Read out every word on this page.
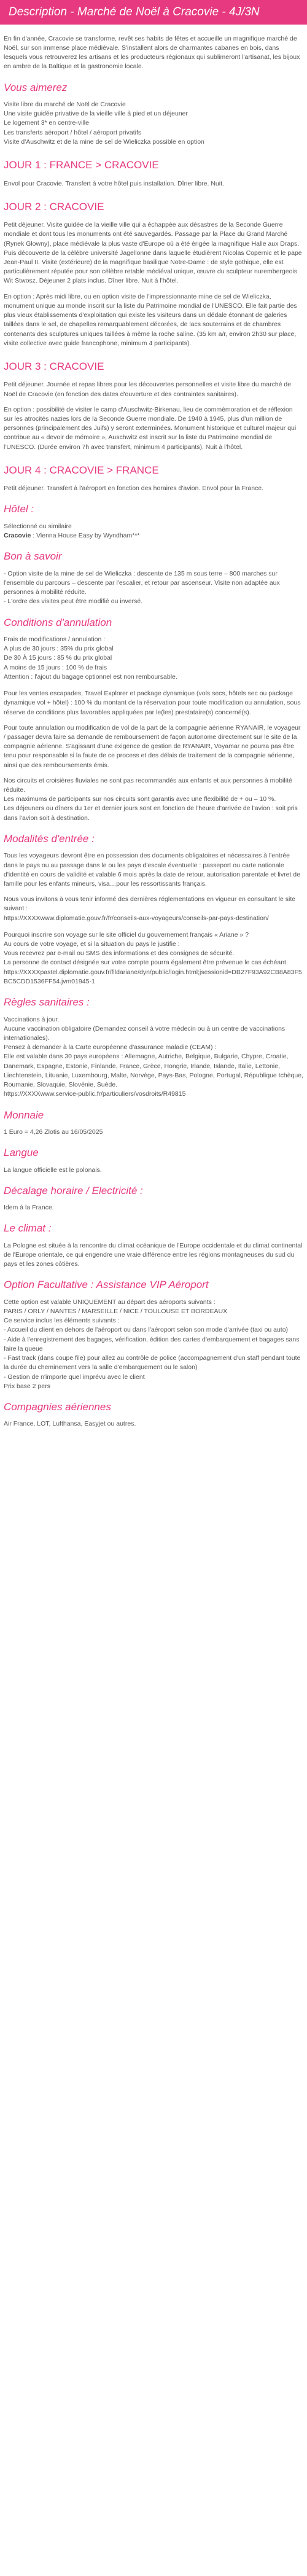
Description - Marché de Noël à Cracovie - 4J/3N

En fin d'année, Cracovie se transforme, revêt ses habits de fêtes et accueille un magnifique marché de Noël, sur son immense place médiévale. S'installent alors de charmantes cabanes en bois, dans lesquels vous retrouverez les artisans et les producteurs régionaux qui sublimeront l'artisanat, les bijoux en ambre de la Baltique et la gastronomie locale.

Vous aimerez
Visite libre du marché de Noël de Cracovie
Une visite guidée privative de la vieille ville à pied et un déjeuner
Le logement 3* en centre-ville
Les transferts aéroport / hôtel / aéroport privatifs
Visite d'Auschwitz et de la mine de sel de Wieliczka possible en option
JOUR 1 : FRANCE > CRACOVIE

Envol pour Cracovie. Transfert à votre hôtel puis installation. Dîner libre. Nuit.

JOUR 2 : CRACOVIE

Petit déjeuner. Visite guidée de la vieille ville qui a échappée aux désastres de la Seconde Guerre mondiale et dont tous les monuments ont été sauvegardés. Passage par la Place du Grand Marché (Rynek Glowny), place médiévale la plus vaste d'Europe où a été érigée la magnifique Halle aux Draps. Puis découverte de la célèbre université Jagellonne dans laquelle étudièrent Nicolas Copernic et le pape Jean-Paul II. Visite (extérieure) de la magnifique basilique Notre-Dame : de style gothique, elle est particulièrement réputée pour son célèbre retable médiéval unique, œuvre du sculpteur nurembergeois Wit Stwosz. Déjeuner 2 plats inclus. Dîner libre. Nuit à l'hôtel.

En option : Après midi libre, ou en option visite de l'impressionnante mine de sel de Wieliczka, monument unique au monde inscrit sur la liste du Patrimoine mondial de l'UNESCO. Elle fait partie des plus vieux établissements d'exploitation qui existe les visiteurs dans un dédale étonnant de galeries taillées dans le sel, de chapelles remarquablement décorées, de lacs souterrains et de chambres contenants des sculptures uniques taillées à même la roche saline. (35 km a/r, environ 2h30 sur place, visite collective avec guide francophone, minimum 4 participants).

JOUR 3 : CRACOVIE

Petit déjeuner. Journée et repas libres pour les découvertes personnelles et visite libre du marché de Noël de Cracovie (en fonction des dates d'ouverture et des contraintes sanitaires).

En option : possibilité de visiter le camp d'Auschwitz-Birkenau, lieu de commémoration et de réflexion sur les atrocités nazies lors de la Seconde Guerre mondiale. De 1940 à 1945, plus d'un million de personnes (principalement des Juifs) y seront exterminées. Monument historique et culturel majeur qui contribue au « devoir de mémoire », Auschwitz est inscrit sur la liste du Patrimoine mondial de l'UNESCO. (Durée environ 7h avec transfert, minimum 4 participants). Nuit à l'hôtel.

JOUR 4 : CRACOVIE > FRANCE

Petit déjeuner. Transfert à l'aéroport en fonction des horaires d'avion. Envol pour la France.

Hôtel :
Sélectionné ou similaire
Cracovie : Vienna House Easy by Wyndham***
Bon à savoir
- Option visite de la mine de sel de Wieliczka : descente de 135 m sous terre – 800 marches sur l'ensemble du parcours – descente par l'escalier, et retour par ascenseur. Visite non adaptée aux personnes à mobilité réduite.
- L'ordre des visites peut être modifié ou inversé.
Conditions d'annulation
Frais de modifications / annulation :
A plus de 30 jours : 35% du prix global
De 30 À 15 jours : 85 % du prix global
A moins de 15 jours : 100 % de frais
Attention : l'ajout du bagage optionnel est non remboursable.

Pour les ventes escapades, Travel Explorer et package dynamique (vols secs, hôtels sec ou package dynamique vol + hôtel) : 100 % du montant de la réservation pour toute modification ou annulation, sous réserve de conditions plus favorables appliquées par le(les) prestataire(s) concerné(s).

Pour toute annulation ou modification de vol de la part de la compagnie aérienne RYANAIR, le voyageur / passager devra faire sa demande de remboursement de façon autonome directement sur le site de la compagnie aérienne. S'agissant d'une exigence de gestion de RYANAIR, Voyamar ne pourra pas être tenu pour responsable si la faute de ce process et des délais de traitement de la compagnie aérienne, ainsi que des remboursements émis.

Nos circuits et croisières fluviales ne sont pas recommandés aux enfants et aux personnes à mobilité réduite.
Les maximums de participants sur nos circuits sont garantis avec une flexibilité de + ou – 10 %.
Les déjeuners ou dîners du 1er et dernier jours sont en fonction de l'heure d'arrivée de l'avion : soit pris dans l'avion soit à destination.
Modalités d'entrée :

Tous les voyageurs devront être en possession des documents obligatoires et nécessaires à l'entrée dans le pays ou au passage dans le ou les pays d'escale éventuelle : passeport ou carte nationale d'identité en cours de validité et valable 6 mois après la date de retour, autorisation parentale et livret de famille pour les enfants mineurs, visa…pour les ressortissants français.

Nous vous invitons à vous tenir informé des dernières réglementations en vigueur en consultant le site suivant :
https://XXXXwww.diplomatie.gouv.fr/fr/conseils-aux-voyageurs/conseils-par-pays-destination/
Pourquoi inscrire son voyage sur le site officiel du gouvernement français « Ariane » ?
Au cours de votre voyage, et si la situation du pays le justifie :
Vous recevrez par e-mail ou SMS des informations et des consignes de sécurité.
La personne de contact désignée sur votre compte pourra également être prévenue le cas échéant.
https://XXXXpastel.diplomatie.gouv.fr/fildariane/dyn/public/login.html;jsessionid=DB27F93A92CB8A83F5BC5CDD1536FF54.jvm01945-1
Règles sanitaires :
Vaccinations à jour.
Aucune vaccination obligatoire (Demandez conseil à votre médecin ou à un centre de vaccinations internationales).
Pensez à demander à la Carte européenne d'assurance maladie (CEAM) :
Elle est valable dans 30 pays européens : Allemagne, Autriche, Belgique, Bulgarie, Chypre, Croatie, Danemark, Espagne, Estonie, Finlande, France, Grèce, Hongrie, Irlande, Islande, Italie, Lettonie, Liechtenstein, Lituanie, Luxembourg, Malte, Norvège, Pays-Bas, Pologne, Portugal, République tchèque, Roumanie, Slovaquie, Slovénie, Suède.
https://XXXXwww.service-public.fr/particuliers/vosdroits/R49815
Monnaie

1 Euro = 4,26 Zlotis au 16/05/2025

Langue

La langue officielle est le polonais.

Décalage horaire / Electricité :

Idem à la France.

Le climat :

La Pologne est située à la rencontre du climat océanique de l'Europe occidentale et du climat continental de l'Europe orientale, ce qui engendre une vraie différence entre les régions montagneuses du sud du pays et les zones côtières.

Option Facultative : Assistance VIP Aéroport
Cette option est valable UNIQUEMENT au départ des aéroports suivants :
PARIS / ORLY / NANTES / MARSEILLE / NICE / TOULOUSE ET BORDEAUX
Ce service inclus les éléments suivants :
- Accueil du client en dehors de l'aéroport ou dans l'aéroport selon son mode d'arrivée (taxi ou auto)
- Aide à l'enregistrement des bagages, vérification, édition des cartes d'embarquement et bagages sans faire la queue
- Fast track (dans coupe file) pour allez au contrôle de police (accompagnement d'un staff pendant toute la durée du cheminement vers la salle d'embarquement ou le salon)
- Gestion de n'importe quel imprévu avec le client
Prix base 2 pers
Compagnies aériennes

Air France, LOT, Lufthansa, Easyjet ou autres.
